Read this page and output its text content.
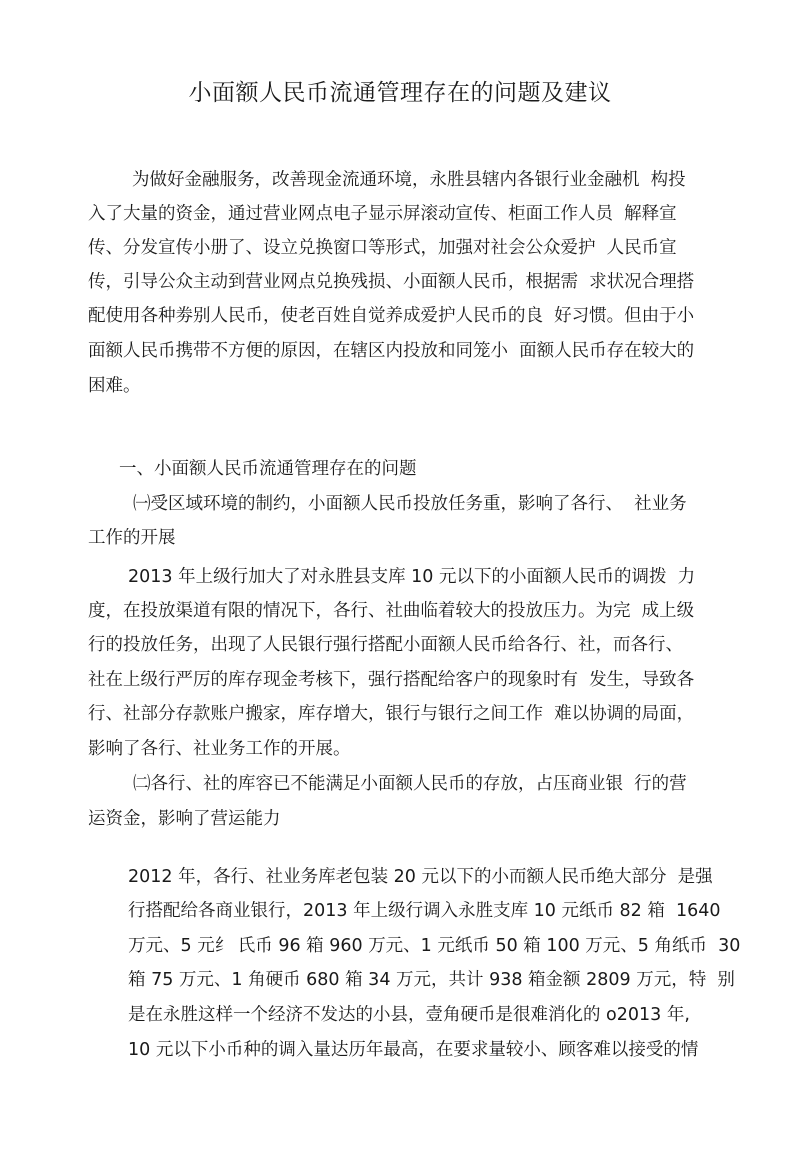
小面额人民币流通管理存在的问题及建议

为做好金融服务，改善现金流通环境，永胜县辖内各银行业金融机  构投

入了大量的资金，通过营业网点电子显示屏滚动宣传、柜面工作人员  解释宣

传、分发宣传小册了、设立兑换窗口等形式，加强对社会公众爱护  人民币宣

传，引导公众主动到营业网点兑换残损、小面额人民币，根据需  求状况合理搭

配使用各种劵别人民币，使老百姓自觉养成爱护人民币的良  好习惯。但由于小

面额人民币携带不方便的原因，在辖区内投放和同笼小  面额人民币存在较大的

困难。

一、小面额人民币流通管理存在的问题

㈠受区域环境的制约，小面额人民币投放任务重，影响了各行、  社业务

工作的开展

2013 年上级行加大了对永胜县支库 10 元以下的小面额人民币的调拨  力

度，在投放渠道有限的情况下，各行、社曲临着较大的投放压力。为完  成上级

行的投放任务，出现了人民银行强行搭配小面额人民币给各行、社，而各行、

社在上级行严厉的库存现金考核下，强行搭配给客户的现象时有  发生，导致各

行、社部分存款账户搬家，库存增大，银行与银行之间工作  难以协调的局面，

影响了各行、社业务工作的开展。

㈡各行、社的库容已不能满足小面额人民币的存放，占压商业银  行的营

运资金，影响了营运能力

2012 年，各行、社业务库老包装 20 元以下的小而额人民币绝大部分  是强

行搭配给各商业银行，2013 年上级行调入永胜支库 10 元纸币 82 箱  1640

万元、5 元纟 氏币 96 箱 960 万元、1 元纸币 50 箱 100 万元、5 角纸币  30

箱 75 万元、1 角硬币 680 箱 34 万元，共计 938 箱金额 2809 万元，特  别

是在永胜这样一个经济不发达的小县，壹角硬币是很难消化的 o2013 年,

10 元以下小币种的调入量达历年最高，在要求量较小、顾客难以接受的情
